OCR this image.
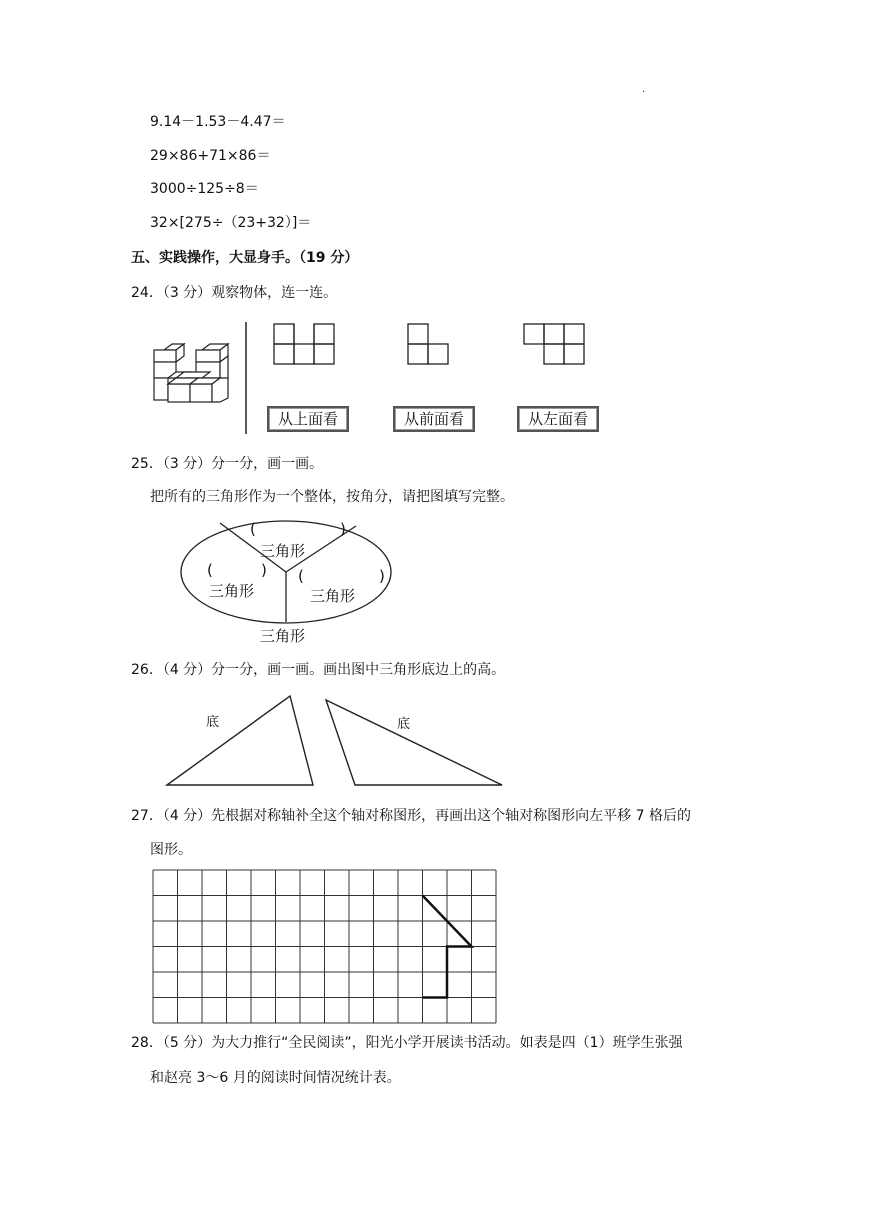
.
9.14－1.53－4.47＝
29×86+71×86＝
3000÷125÷8＝
32×[275÷（23+32）]＝
五、实践操作，大显身手。（19 分）
24．（3 分）观察物体，连一连。
从上面看	从前面看	从左面看
25．（3 分）分一分，画一画。
把所有的三角形作为一个整体，按角分，请把图填写完整。
(	)
三角形
(	)
三角形
(	)
三角形
三角形
26．（4 分）分一分，画一画。画出图中三角形底边上的高。
底	底
27．（4 分）先根据对称轴补全这个轴对称图形，再画出这个轴对称图形向左平移 7 格后的
图形。
28．（5 分）为大力推行“全民阅读”，阳光小学开展读书活动。如表是四（1）班学生张强
和赵亮 3～6 月的阅读时间情况统计表。
